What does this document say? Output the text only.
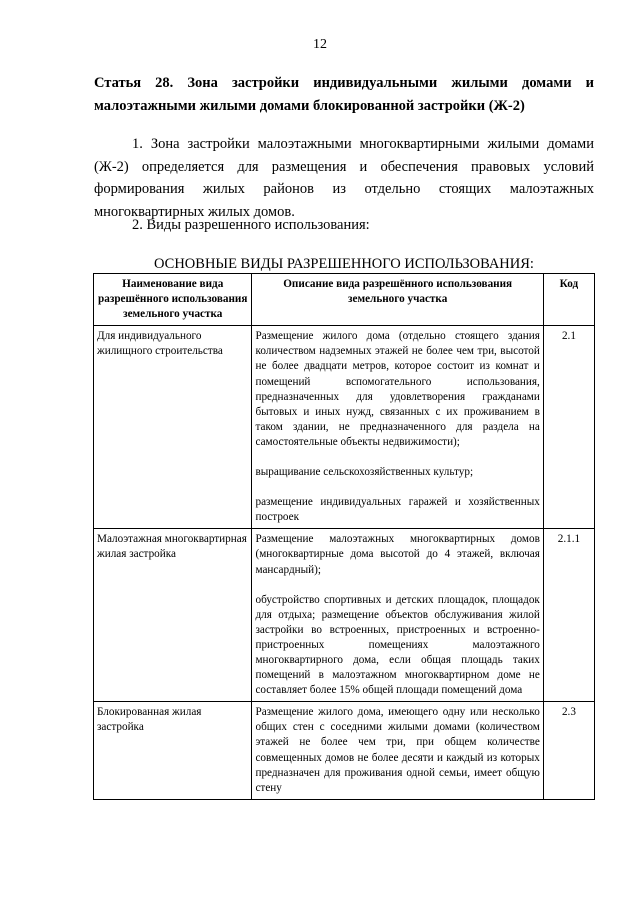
12
Статья 28. Зона застройки индивидуальными жилыми домами и малоэтажными жилыми домами блокированной застройки (Ж-2)
1. Зона застройки малоэтажными многоквартирными жилыми домами (Ж-2) определяется для размещения и обеспечения правовых условий формирования жилых районов из отдельно стоящих малоэтажных многоквартирных жилых домов.
2. Виды разрешенного использования:
ОСНОВНЫЕ ВИДЫ РАЗРЕШЕННОГО ИСПОЛЬЗОВАНИЯ:
Наименование вида разрешённого использования земельного участка	Описание вида разрешённого использования земельного участка	Код
Для индивидуального жилищного строительства	Размещение жилого дома (отдельно стоящего здания количеством надземных этажей не более чем три, высотой не более двадцати метров, которое состоит из комнат и помещений вспомогательного использования, предназначенных для удовлетворения гражданами бытовых и иных нужд, связанных с их проживанием в таком здании, не предназначенного для раздела на самостоятельные объекты недвижимости);

выращивание сельскохозяйственных культур;

размещение индивидуальных гаражей и хозяйственных построек	2.1
Малоэтажная многоквартирная жилая застройка	Размещение малоэтажных многоквартирных домов (многоквартирные дома высотой до 4 этажей, включая мансардный);

обустройство спортивных и детских площадок, площадок для отдыха; размещение объектов обслуживания жилой застройки во встроенных, пристроенных и встроенно-пристроенных помещениях малоэтажного многоквартирного дома, если общая площадь таких помещений в малоэтажном многоквартирном доме не составляет более 15% общей площади помещений дома	2.1.1
Блокированная жилая застройка	Размещение жилого дома, имеющего одну или несколько общих стен с соседними жилыми домами (количеством этажей не более чем три, при общем количестве совмещенных домов не более десяти и каждый из которых предназначен для проживания одной семьи, имеет общую стену	2.3
